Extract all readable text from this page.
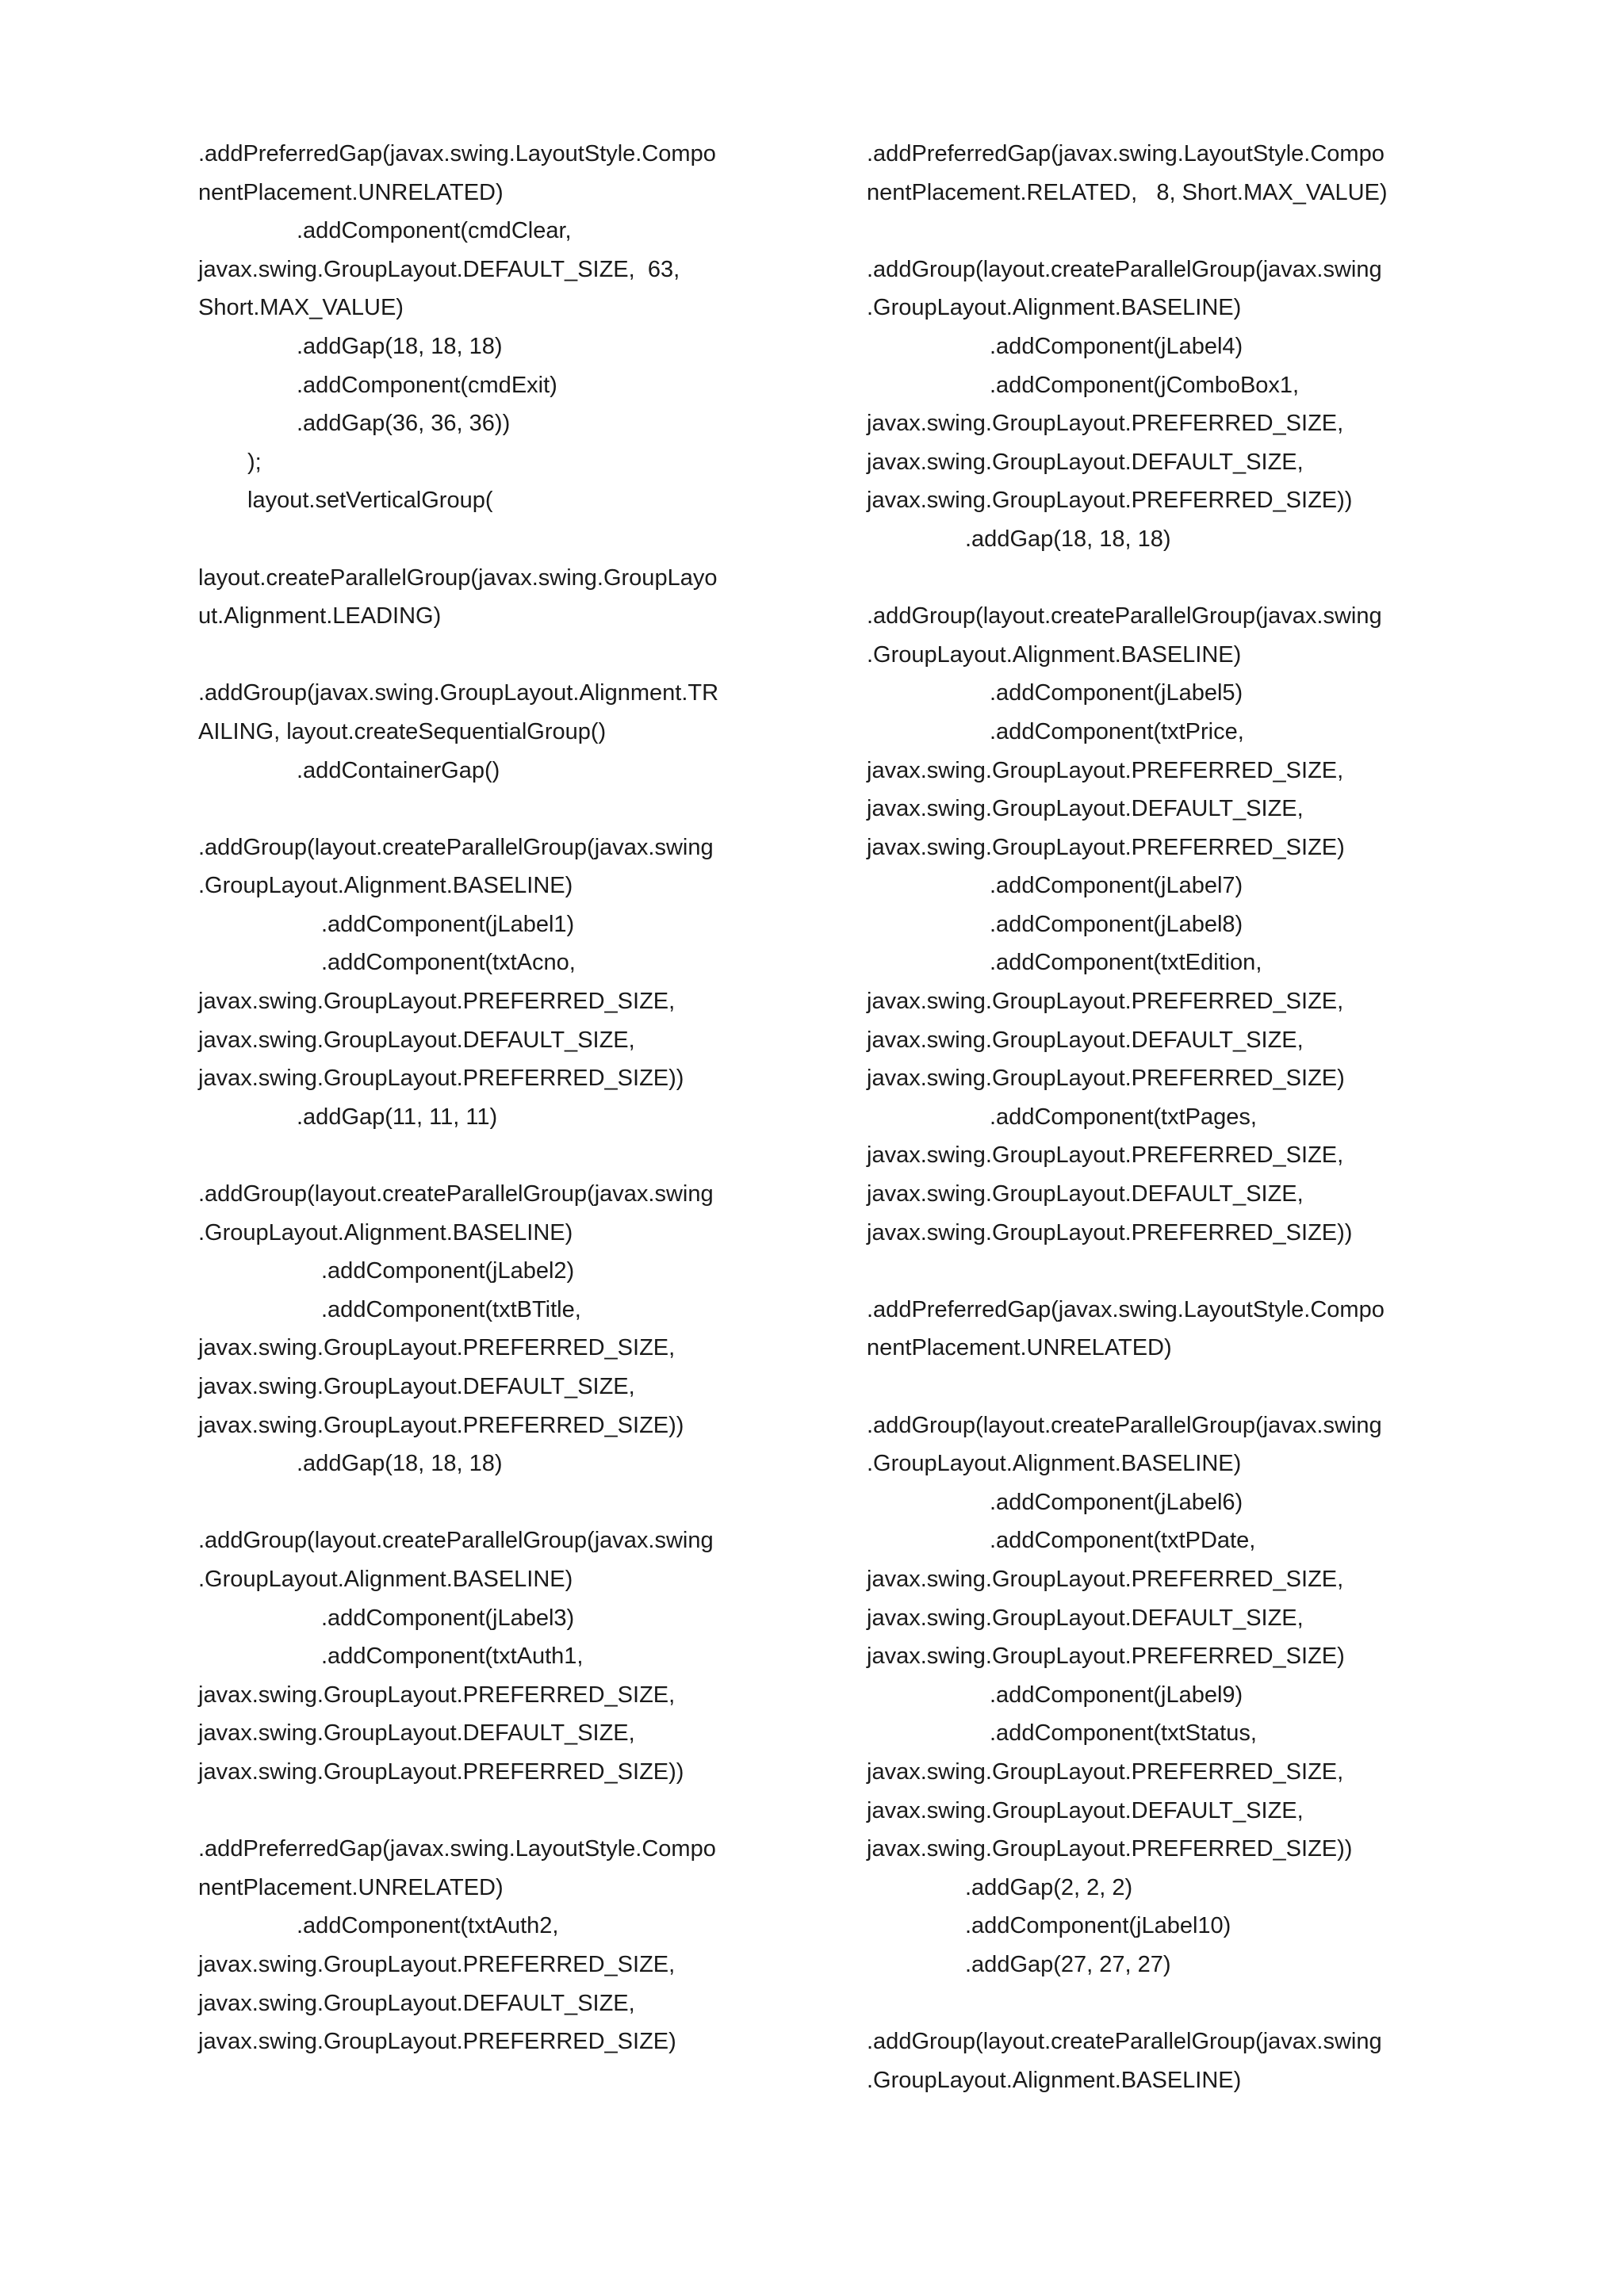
.addPreferredGap(javax.swing.LayoutStyle.Compo
nentPlacement.UNRELATED)
.addComponent(cmdClear,
javax.swing.GroupLayout.DEFAULT_SIZE,  63,
Short.MAX_VALUE)
.addGap(18, 18, 18)
.addComponent(cmdExit)
.addGap(36, 36, 36))
);
layout.setVerticalGroup(
layout.createParallelGroup(javax.swing.GroupLayo
ut.Alignment.LEADING)
.addGroup(javax.swing.GroupLayout.Alignment.TR
AILING, layout.createSequentialGroup()
.addContainerGap()
.addGroup(layout.createParallelGroup(javax.swing
.GroupLayout.Alignment.BASELINE)
.addComponent(jLabel1)
.addComponent(txtAcno,
javax.swing.GroupLayout.PREFERRED_SIZE,
javax.swing.GroupLayout.DEFAULT_SIZE,
javax.swing.GroupLayout.PREFERRED_SIZE))
.addGap(11, 11, 11)
.addGroup(layout.createParallelGroup(javax.swing
.GroupLayout.Alignment.BASELINE)
.addComponent(jLabel2)
.addComponent(txtBTitle,
javax.swing.GroupLayout.PREFERRED_SIZE,
javax.swing.GroupLayout.DEFAULT_SIZE,
javax.swing.GroupLayout.PREFERRED_SIZE))
.addGap(18, 18, 18)
.addGroup(layout.createParallelGroup(javax.swing
.GroupLayout.Alignment.BASELINE)
.addComponent(jLabel3)
.addComponent(txtAuth1,
javax.swing.GroupLayout.PREFERRED_SIZE,
javax.swing.GroupLayout.DEFAULT_SIZE,
javax.swing.GroupLayout.PREFERRED_SIZE))
.addPreferredGap(javax.swing.LayoutStyle.Compo
nentPlacement.UNRELATED)
.addComponent(txtAuth2,
javax.swing.GroupLayout.PREFERRED_SIZE,
javax.swing.GroupLayout.DEFAULT_SIZE,
javax.swing.GroupLayout.PREFERRED_SIZE)
.addPreferredGap(javax.swing.LayoutStyle.Compo
nentPlacement.RELATED,   8, Short.MAX_VALUE)
.addGroup(layout.createParallelGroup(javax.swing
.GroupLayout.Alignment.BASELINE)
.addComponent(jLabel4)
.addComponent(jComboBox1,
javax.swing.GroupLayout.PREFERRED_SIZE,
javax.swing.GroupLayout.DEFAULT_SIZE,
javax.swing.GroupLayout.PREFERRED_SIZE))
.addGap(18, 18, 18)
.addGroup(layout.createParallelGroup(javax.swing
.GroupLayout.Alignment.BASELINE)
.addComponent(jLabel5)
.addComponent(txtPrice,
javax.swing.GroupLayout.PREFERRED_SIZE,
javax.swing.GroupLayout.DEFAULT_SIZE,
javax.swing.GroupLayout.PREFERRED_SIZE)
.addComponent(jLabel7)
.addComponent(jLabel8)
.addComponent(txtEdition,
javax.swing.GroupLayout.PREFERRED_SIZE,
javax.swing.GroupLayout.DEFAULT_SIZE,
javax.swing.GroupLayout.PREFERRED_SIZE)
.addComponent(txtPages,
javax.swing.GroupLayout.PREFERRED_SIZE,
javax.swing.GroupLayout.DEFAULT_SIZE,
javax.swing.GroupLayout.PREFERRED_SIZE))
.addPreferredGap(javax.swing.LayoutStyle.Compo
nentPlacement.UNRELATED)
.addGroup(layout.createParallelGroup(javax.swing
.GroupLayout.Alignment.BASELINE)
.addComponent(jLabel6)
.addComponent(txtPDate,
javax.swing.GroupLayout.PREFERRED_SIZE,
javax.swing.GroupLayout.DEFAULT_SIZE,
javax.swing.GroupLayout.PREFERRED_SIZE)
.addComponent(jLabel9)
.addComponent(txtStatus,
javax.swing.GroupLayout.PREFERRED_SIZE,
javax.swing.GroupLayout.DEFAULT_SIZE,
javax.swing.GroupLayout.PREFERRED_SIZE))
.addGap(2, 2, 2)
.addComponent(jLabel10)
.addGap(27, 27, 27)
.addGroup(layout.createParallelGroup(javax.swing
.GroupLayout.Alignment.BASELINE)
